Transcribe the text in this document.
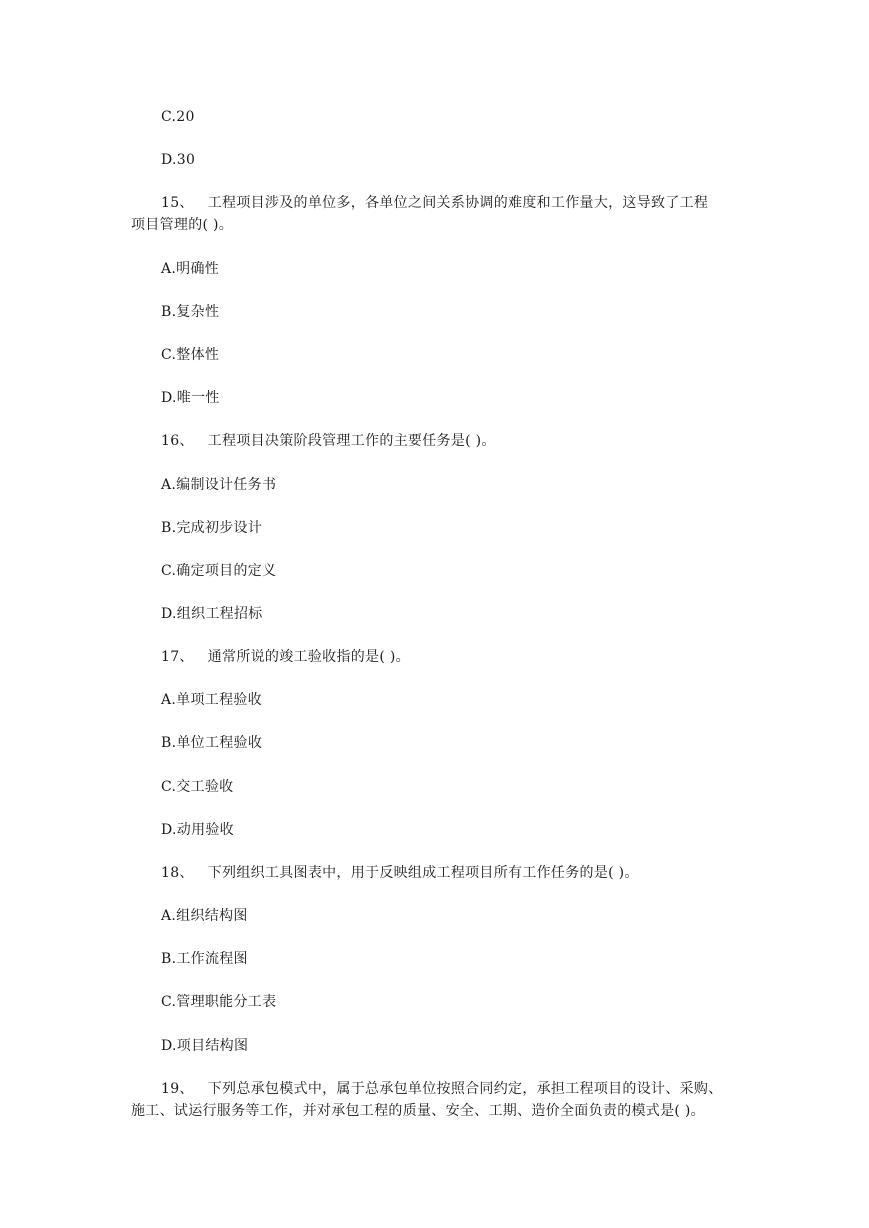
C.20
D.30
15、 工程项目涉及的单位多，各单位之间关系协调的难度和工作量大，这导致了工程
项目管理的( )。
A.明确性
B.复杂性
C.整体性
D.唯一性
16、 工程项目决策阶段管理工作的主要任务是( )。
A.编制设计任务书
B.完成初步设计
C.确定项目的定义
D.组织工程招标
17、 通常所说的竣工验收指的是( )。
A.单项工程验收
B.单位工程验收
C.交工验收
D.动用验收
18、 下列组织工具图表中，用于反映组成工程项目所有工作任务的是( )。
A.组织结构图
B.工作流程图
C.管理职能分工表
D.项目结构图
19、 下列总承包模式中，属于总承包单位按照合同约定，承担工程项目的设计、采购、
施工、试运行服务等工作，并对承包工程的质量、安全、工期、造价全面负责的模式是( )。
